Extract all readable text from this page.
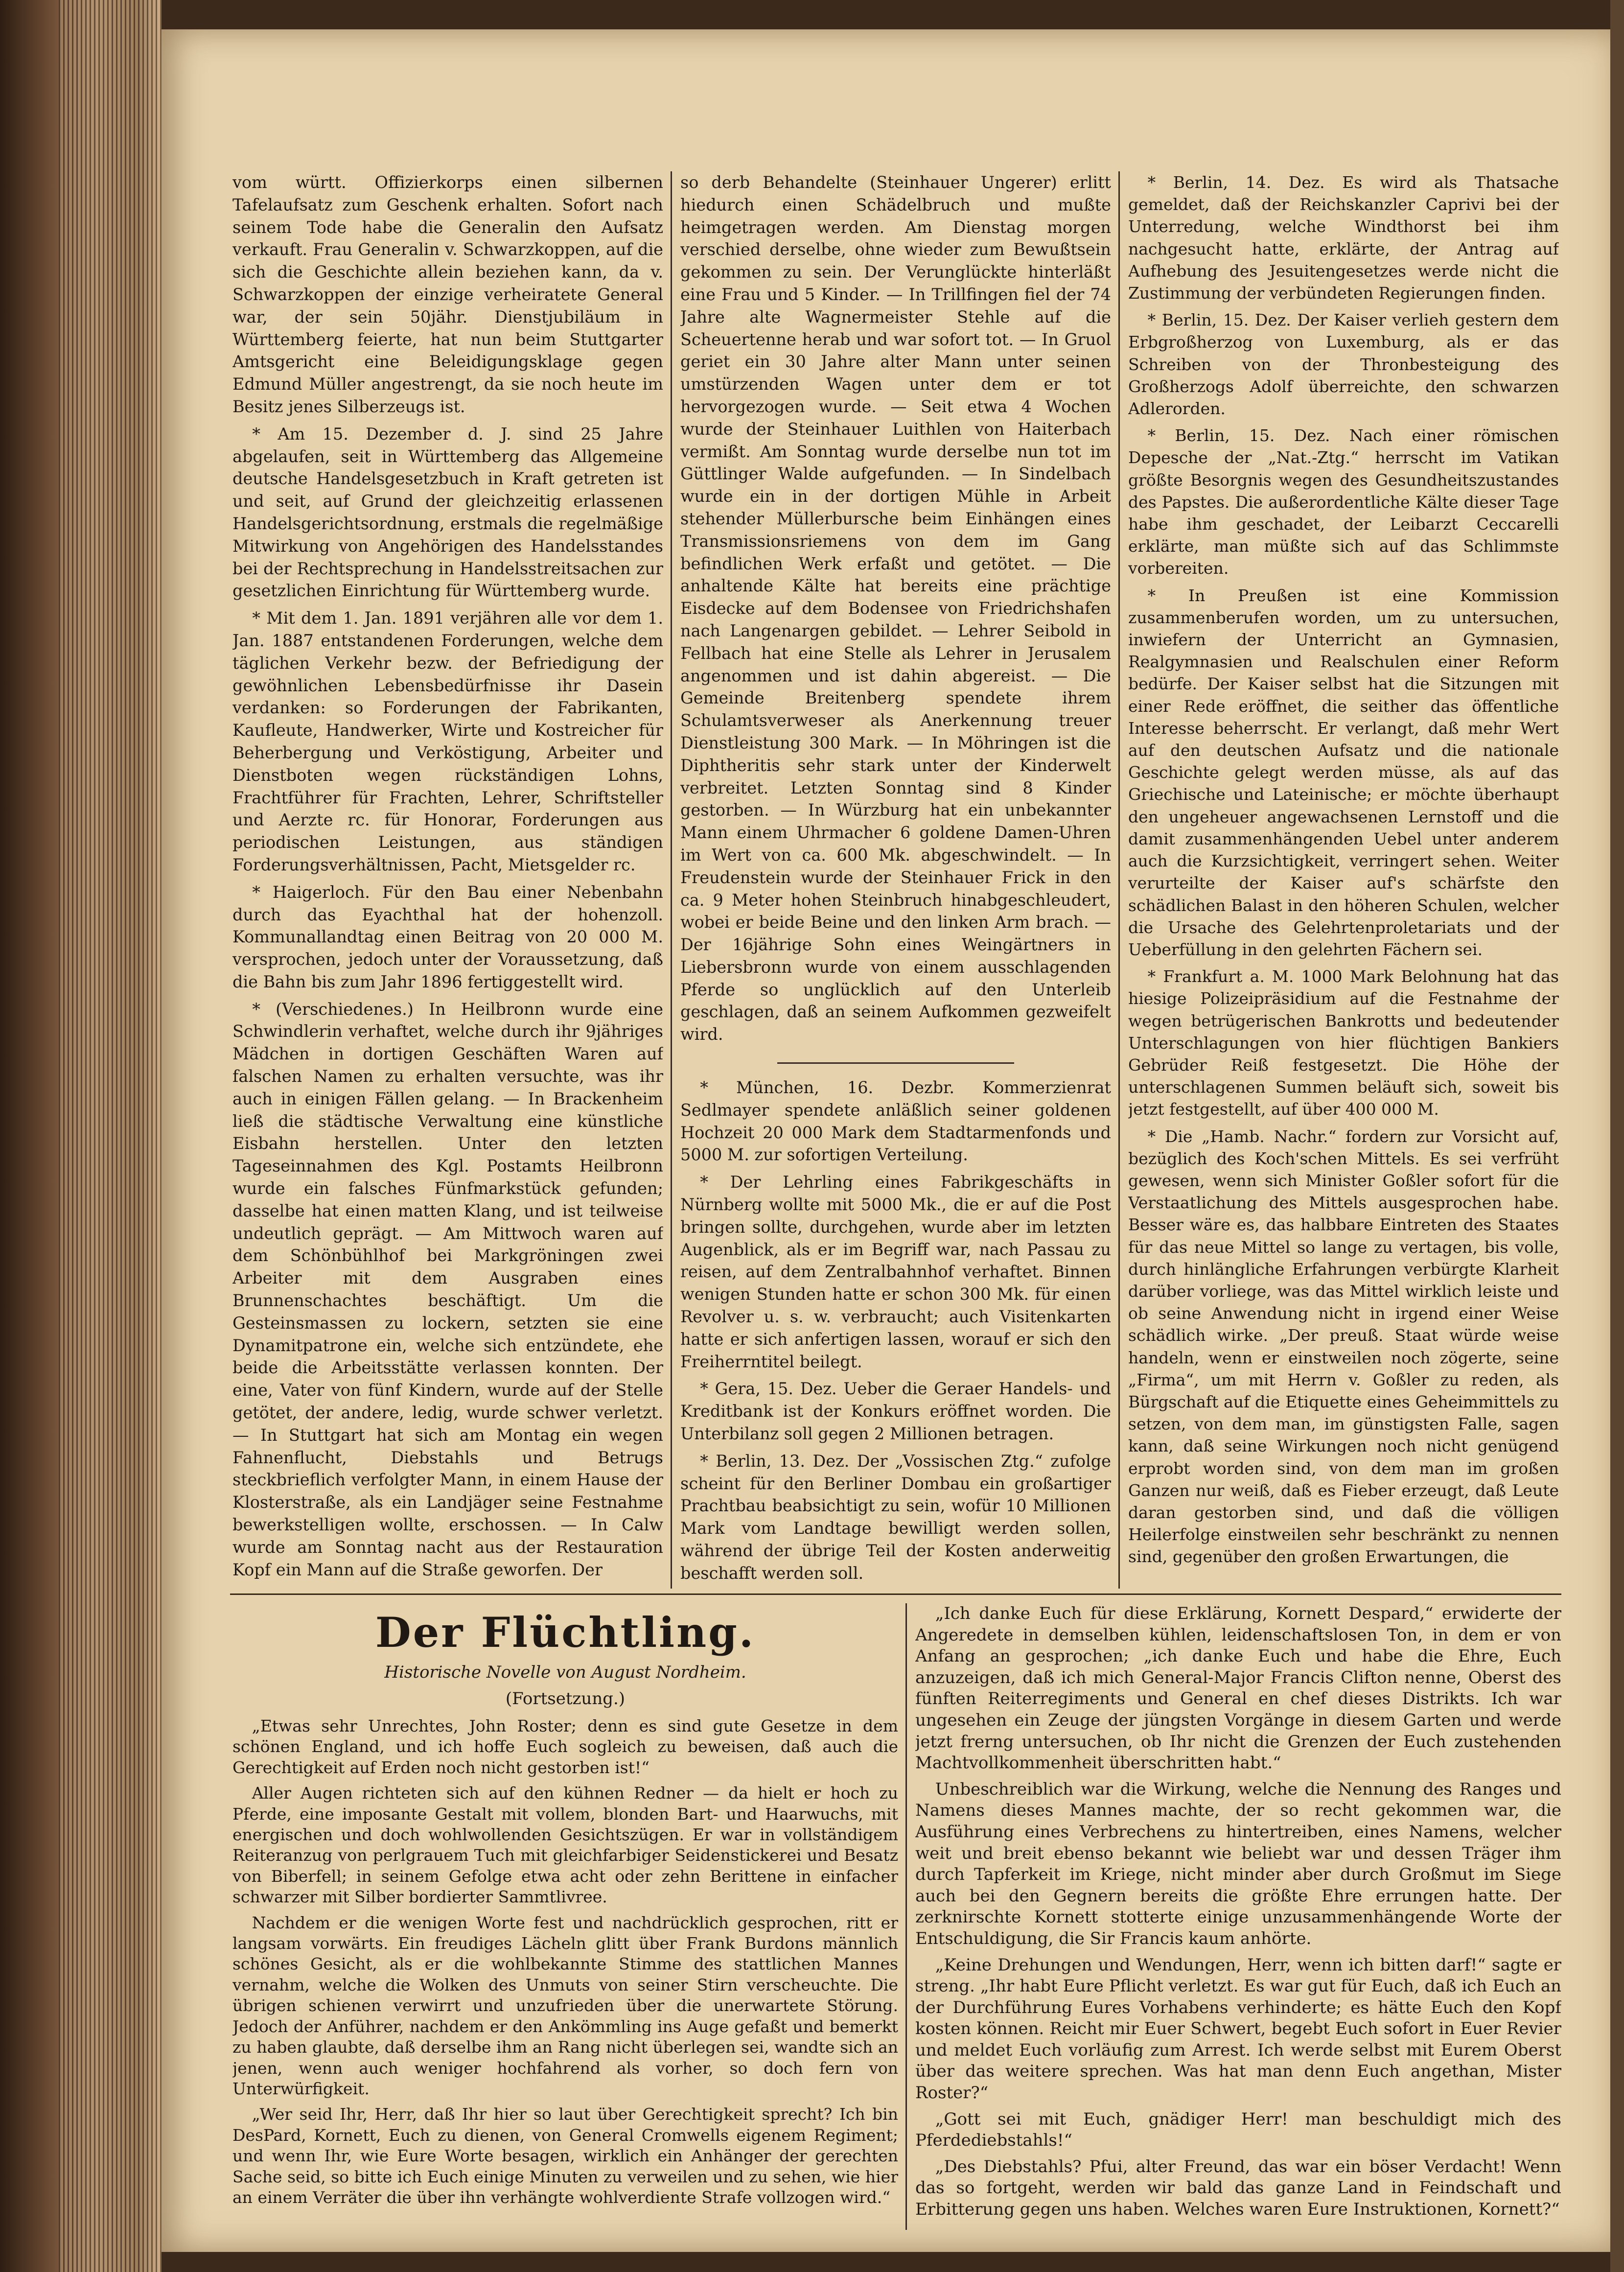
vom württ. Offizierkorps einen silbernen Tafelaufsatz zum Geschenk erhalten. Sofort nach seinem Tode habe die Generalin den Aufsatz verkauft. Frau Generalin v. Schwarzkoppen, auf die sich die Geschichte allein beziehen kann, da v. Schwarzkoppen der einzige verheiratete General war, der sein 50jähr. Dienstjubiläum in Württemberg feierte, hat nun beim Stuttgarter Amtsgericht eine Beleidigungsklage gegen Edmund Müller angestrengt, da sie noch heute im Besitz jenes Silberzeugs ist.

* Am 15. Dezember d. J. sind 25 Jahre abgelaufen, seit in Württemberg das Allgemeine deutsche Handelsgesetzbuch in Kraft getreten ist und seit, auf Grund der gleichzeitig erlassenen Handelsgerichtsordnung, erstmals die regelmäßige Mitwirkung von Angehörigen des Handelsstandes bei der Rechtsprechung in Handelsstreitsachen zur gesetzlichen Einrichtung für Württemberg wurde.

* Mit dem 1. Jan. 1891 verjähren alle vor dem 1. Jan. 1887 entstandenen Forderungen, welche dem täglichen Verkehr bezw. der Befriedigung der gewöhnlichen Lebensbedürfnisse ihr Dasein verdanken: so Forderungen der Fabrikanten, Kaufleute, Handwerker, Wirte und Kostreicher für Beherbergung und Verköstigung, Arbeiter und Dienstboten wegen rückständigen Lohns, Frachtführer für Frachten, Lehrer, Schriftsteller und Aerzte rc. für Honorar, Forderungen aus periodischen Leistungen, aus ständigen Forderungsverhältnissen, Pacht, Mietsgelder rc.

* Haigerloch. Für den Bau einer Nebenbahn durch das Eyachthal hat der hohenzoll. Kommunallandtag einen Beitrag von 20 000 M. versprochen, jedoch unter der Voraussetzung, daß die Bahn bis zum Jahr 1896 fertiggestellt wird.

* (Verschiedenes.) In Heilbronn wurde eine Schwindlerin verhaftet, welche durch ihr 9jähriges Mädchen in dortigen Geschäften Waren auf falschen Namen zu erhalten versuchte, was ihr auch in einigen Fällen gelang. — In Brackenheim ließ die städtische Verwaltung eine künstliche Eisbahn herstellen. Unter den letzten Tageseinnahmen des Kgl. Postamts Heilbronn wurde ein falsches Fünfmarkstück gefunden; dasselbe hat einen matten Klang, und ist teilweise undeutlich geprägt. — Am Mittwoch waren auf dem Schönbühlhof bei Markgröningen zwei Arbeiter mit dem Ausgraben eines Brunnenschachtes beschäftigt. Um die Gesteinsmassen zu lockern, setzten sie eine Dynamitpatrone ein, welche sich entzündete, ehe beide die Arbeitsstätte verlassen konnten. Der eine, Vater von fünf Kindern, wurde auf der Stelle getötet, der andere, ledig, wurde schwer verletzt. — In Stuttgart hat sich am Montag ein wegen Fahnenflucht, Diebstahls und Betrugs steckbrieflich verfolgter Mann, in einem Hause der Klosterstraße, als ein Landjäger seine Festnahme bewerkstelligen wollte, erschossen. — In Calw wurde am Sonntag nacht aus der Restauration Kopf ein Mann auf die Straße geworfen. Der

so derb Behandelte (Steinhauer Ungerer) erlitt hiedurch einen Schädelbruch und mußte heimgetragen werden. Am Dienstag morgen verschied derselbe, ohne wieder zum Bewußtsein gekommen zu sein. Der Verunglückte hinterläßt eine Frau und 5 Kinder. — In Trillfingen fiel der 74 Jahre alte Wagnermeister Stehle auf die Scheuertenne herab und war sofort tot. — In Gruol geriet ein 30 Jahre alter Mann unter seinen umstürzenden Wagen unter dem er tot hervorgezogen wurde. — Seit etwa 4 Wochen wurde der Steinhauer Luithlen von Haiterbach vermißt. Am Sonntag wurde derselbe nun tot im Güttlinger Walde aufgefunden. — In Sindelbach wurde ein in der dortigen Mühle in Arbeit stehender Müllerbursche beim Einhängen eines Transmissionsriemens von dem im Gang befindlichen Werk erfaßt und getötet. — Die anhaltende Kälte hat bereits eine prächtige Eisdecke auf dem Bodensee von Friedrichshafen nach Langenargen gebildet. — Lehrer Seibold in Fellbach hat eine Stelle als Lehrer in Jerusalem angenommen und ist dahin abgereist. — Die Gemeinde Breitenberg spendete ihrem Schulamtsverweser als Anerkennung treuer Dienstleistung 300 Mark. — In Möhringen ist die Diphtheritis sehr stark unter der Kinderwelt verbreitet. Letzten Sonntag sind 8 Kinder gestorben. — In Würzburg hat ein unbekannter Mann einem Uhrmacher 6 goldene Damen-Uhren im Wert von ca. 600 Mk. abgeschwindelt. — In Freudenstein wurde der Steinhauer Frick in den ca. 9 Meter hohen Steinbruch hinabgeschleudert, wobei er beide Beine und den linken Arm brach. — Der 16jährige Sohn eines Weingärtners in Liebersbronn wurde von einem ausschlagenden Pferde so unglücklich auf den Unterleib geschlagen, daß an seinem Aufkommen gezweifelt wird.

* München, 16. Dezbr. Kommerzienrat Sedlmayer spendete anläßlich seiner goldenen Hochzeit 20 000 Mark dem Stadtarmenfonds und 5000 M. zur sofortigen Verteilung.

* Der Lehrling eines Fabrikgeschäfts in Nürnberg wollte mit 5000 Mk., die er auf die Post bringen sollte, durchgehen, wurde aber im letzten Augenblick, als er im Begriff war, nach Passau zu reisen, auf dem Zentralbahnhof verhaftet. Binnen wenigen Stunden hatte er schon 300 Mk. für einen Revolver u. s. w. verbraucht; auch Visitenkarten hatte er sich anfertigen lassen, worauf er sich den Freiherrntitel beilegt.

* Gera, 15. Dez. Ueber die Geraer Handels- und Kreditbank ist der Konkurs eröffnet worden. Die Unterbilanz soll gegen 2 Millionen betragen.

* Berlin, 13. Dez. Der „Vossischen Ztg.“ zufolge scheint für den Berliner Dombau ein großartiger Prachtbau beabsichtigt zu sein, wofür 10 Millionen Mark vom Landtage bewilligt werden sollen, während der übrige Teil der Kosten anderweitig beschafft werden soll.

* Berlin, 14. Dez. Es wird als Thatsache gemeldet, daß der Reichskanzler Caprivi bei der Unterredung, welche Windthorst bei ihm nachgesucht hatte, erklärte, der Antrag auf Aufhebung des Jesuitengesetzes werde nicht die Zustimmung der verbündeten Regierungen finden.

* Berlin, 15. Dez. Der Kaiser verlieh gestern dem Erbgroßherzog von Luxemburg, als er das Schreiben von der Thronbesteigung des Großherzogs Adolf überreichte, den schwarzen Adlerorden.

* Berlin, 15. Dez. Nach einer römischen Depesche der „Nat.-Ztg.“ herrscht im Vatikan größte Besorgnis wegen des Gesundheitszustandes des Papstes. Die außerordentliche Kälte dieser Tage habe ihm geschadet, der Leibarzt Ceccarelli erklärte, man müßte sich auf das Schlimmste vorbereiten.

* In Preußen ist eine Kommission zusammenberufen worden, um zu untersuchen, inwiefern der Unterricht an Gymnasien, Realgymnasien und Realschulen einer Reform bedürfe. Der Kaiser selbst hat die Sitzungen mit einer Rede eröffnet, die seither das öffentliche Interesse beherrscht. Er verlangt, daß mehr Wert auf den deutschen Aufsatz und die nationale Geschichte gelegt werden müsse, als auf das Griechische und Lateinische; er möchte überhaupt den ungeheuer angewachsenen Lernstoff und die damit zusammenhängenden Uebel unter anderem auch die Kurzsichtigkeit, verringert sehen. Weiter verurteilte der Kaiser auf's schärfste den schädlichen Balast in den höheren Schulen, welcher die Ursache des Gelehrtenproletariats und der Ueberfüllung in den gelehrten Fächern sei.

* Frankfurt a. M. 1000 Mark Belohnung hat das hiesige Polizeipräsidium auf die Festnahme der wegen betrügerischen Bankrotts und bedeutender Unterschlagungen von hier flüchtigen Bankiers Gebrüder Reiß festgesetzt. Die Höhe der unterschlagenen Summen beläuft sich, soweit bis jetzt festgestellt, auf über 400 000 M.

* Die „Hamb. Nachr.“ fordern zur Vorsicht auf, bezüglich des Koch'schen Mittels. Es sei verfrüht gewesen, wenn sich Minister Goßler sofort für die Verstaatlichung des Mittels ausgesprochen habe. Besser wäre es, das halbbare Eintreten des Staates für das neue Mittel so lange zu vertagen, bis volle, durch hinlängliche Erfahrungen verbürgte Klarheit darüber vorliege, was das Mittel wirklich leiste und ob seine Anwendung nicht in irgend einer Weise schädlich wirke. „Der preuß. Staat würde weise handeln, wenn er einstweilen noch zögerte, seine „Firma“, um mit Herrn v. Goßler zu reden, als Bürgschaft auf die Etiquette eines Geheimmittels zu setzen, von dem man, im günstigsten Falle, sagen kann, daß seine Wirkungen noch nicht genügend erprobt worden sind, von dem man im großen Ganzen nur weiß, daß es Fieber erzeugt, daß Leute daran gestorben sind, und daß die völligen Heilerfolge einstweilen sehr beschränkt zu nennen sind, gegenüber den großen Erwartungen, die

Der Flüchtling.
Historische Novelle von August Nordheim.
(Fortsetzung.)

„Etwas sehr Unrechtes, John Roster; denn es sind gute Gesetze in dem schönen England, und ich hoffe Euch sogleich zu beweisen, daß auch die Gerechtigkeit auf Erden noch nicht gestorben ist!“

Aller Augen richteten sich auf den kühnen Redner — da hielt er hoch zu Pferde, eine imposante Gestalt mit vollem, blonden Bart- und Haarwuchs, mit energischen und doch wohlwollenden Gesichtszügen. Er war in vollständigem Reiteranzug von perlgrauem Tuch mit gleichfarbiger Seidenstickerei und Besatz von Biberfell; in seinem Gefolge etwa acht oder zehn Berittene in einfacher schwarzer mit Silber bordierter Sammtlivree.

Nachdem er die wenigen Worte fest und nachdrücklich gesprochen, ritt er langsam vorwärts. Ein freudiges Lächeln glitt über Frank Burdons männlich schönes Gesicht, als er die wohlbekannte Stimme des stattlichen Mannes vernahm, welche die Wolken des Unmuts von seiner Stirn verscheuchte. Die übrigen schienen verwirrt und unzufrieden über die unerwartete Störung. Jedoch der Anführer, nachdem er den Ankömmling ins Auge gefaßt und bemerkt zu haben glaubte, daß derselbe ihm an Rang nicht überlegen sei, wandte sich an jenen, wenn auch weniger hochfahrend als vorher, so doch fern von Unterwürfigkeit.

„Wer seid Ihr, Herr, daß Ihr hier so laut über Gerechtigkeit sprecht? Ich bin DesPard, Kornett, Euch zu dienen, von General Cromwells eigenem Regiment; und wenn Ihr, wie Eure Worte besagen, wirklich ein Anhänger der gerechten Sache seid, so bitte ich Euch einige Minuten zu verweilen und zu sehen, wie hier an einem Verräter die über ihn verhängte wohlverdiente Strafe vollzogen wird.“

„Ich danke Euch für diese Erklärung, Kornett Despard,“ erwiderte der Angeredete in demselben kühlen, leidenschaftslosen Ton, in dem er von Anfang an gesprochen; „ich danke Euch und habe die Ehre, Euch anzuzeigen, daß ich mich General-Major Francis Clifton nenne, Oberst des fünften Reiterregiments und General en chef dieses Distrikts. Ich war ungesehen ein Zeuge der jüngsten Vorgänge in diesem Garten und werde jetzt frerng untersuchen, ob Ihr nicht die Grenzen der Euch zustehenden Machtvollkommenheit überschritten habt.“

Unbeschreiblich war die Wirkung, welche die Nennung des Ranges und Namens dieses Mannes machte, der so recht gekommen war, die Ausführung eines Verbrechens zu hintertreiben, eines Namens, welcher weit und breit ebenso bekannt wie beliebt war und dessen Träger ihm durch Tapferkeit im Kriege, nicht minder aber durch Großmut im Siege auch bei den Gegnern bereits die größte Ehre errungen hatte. Der zerknirschte Kornett stotterte einige unzusammenhängende Worte der Entschuldigung, die Sir Francis kaum anhörte.

„Keine Drehungen und Wendungen, Herr, wenn ich bitten darf!“ sagte er streng. „Ihr habt Eure Pflicht verletzt. Es war gut für Euch, daß ich Euch an der Durchführung Eures Vorhabens verhinderte; es hätte Euch den Kopf kosten können. Reicht mir Euer Schwert, begebt Euch sofort in Euer Revier und meldet Euch vorläufig zum Arrest. Ich werde selbst mit Eurem Oberst über das weitere sprechen. Was hat man denn Euch angethan, Mister Roster?“

„Gott sei mit Euch, gnädiger Herr! man beschuldigt mich des Pferdediebstahls!“

„Des Diebstahls? Pfui, alter Freund, das war ein böser Verdacht! Wenn das so fortgeht, werden wir bald das ganze Land in Feindschaft und Erbitterung gegen uns haben. Welches waren Eure Instruktionen, Kornett?“
